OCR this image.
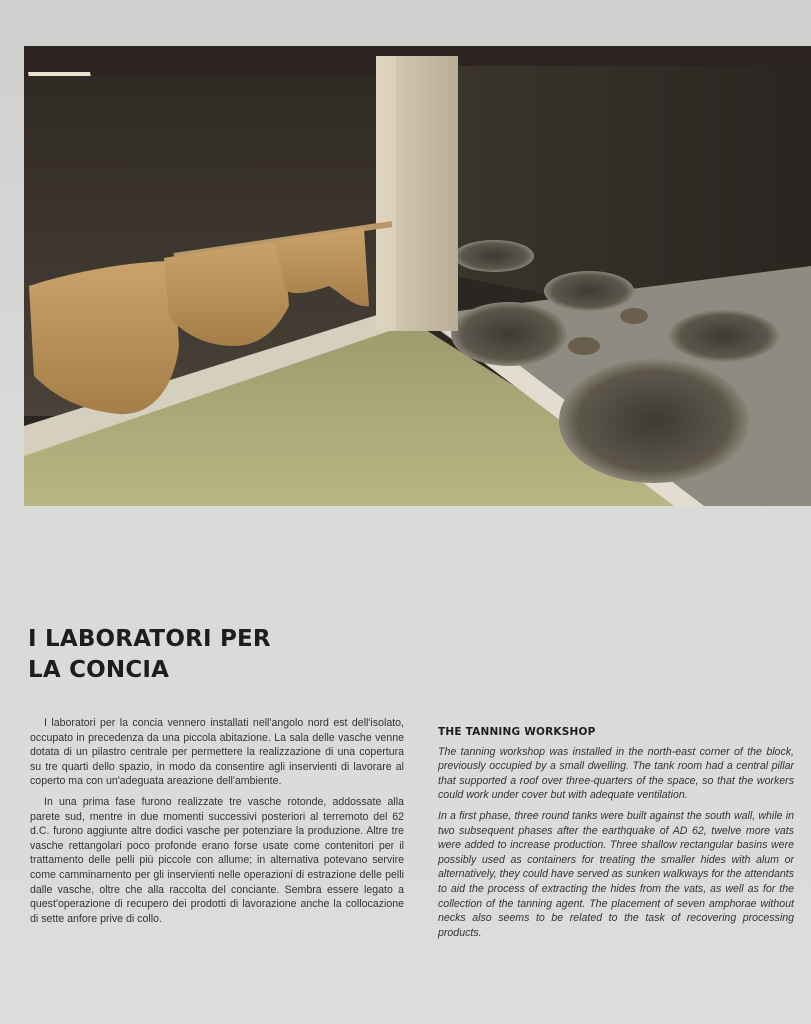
I LABORATORI PER
LA CONCIA

I laboratori per la concia vennero installati nell'angolo nord est dell'isolato, occupato in precedenza da una piccola abitazione. La sala delle vasche venne dotata di un pilastro centrale per permettere la realizzazione di una copertura su tre quarti dello spazio, in modo da consentire agli inservienti di lavorare al coperto ma con un'adeguata areazione dell'ambiente.

In una prima fase furono realizzate tre vasche rotonde, addossate alla parete sud, mentre in due momenti successivi posteriori al terremoto del 62 d.C. furono aggiunte altre dodici vasche per potenziare la produzione. Altre tre vasche rettangolari poco profonde erano forse usate come contenitori per il trattamento delle pelli più piccole con allume; in alternativa potevano servire come camminamento per gli inservienti nelle operazioni di estrazione delle pelli dalle vasche, oltre che alla raccolta del conciante. Sembra essere legato a quest'operazione di recupero dei prodotti di lavorazione anche la collocazione di sette anfore prive di collo.

THE TANNING WORKSHOP

The tanning workshop was installed in the north-east corner of the block, previously occupied by a small dwelling. The tank room had a central pillar that supported a roof over three-quarters of the space, so that the workers could work under cover but with adequate ventilation.

In a first phase, three round tanks were built against the south wall, while in two subsequent phases after the earthquake of AD 62, twelve more vats were added to increase production. Three shallow rectangular basins were possibly used as containers for treating the smaller hides with alum or alternatively, they could have served as sunken walkways for the attendants to aid the process of extracting the hides from the vats, as well as for the collection of the tanning agent. The placement of seven amphorae without necks also seems to be related to the task of recovering processing products.
